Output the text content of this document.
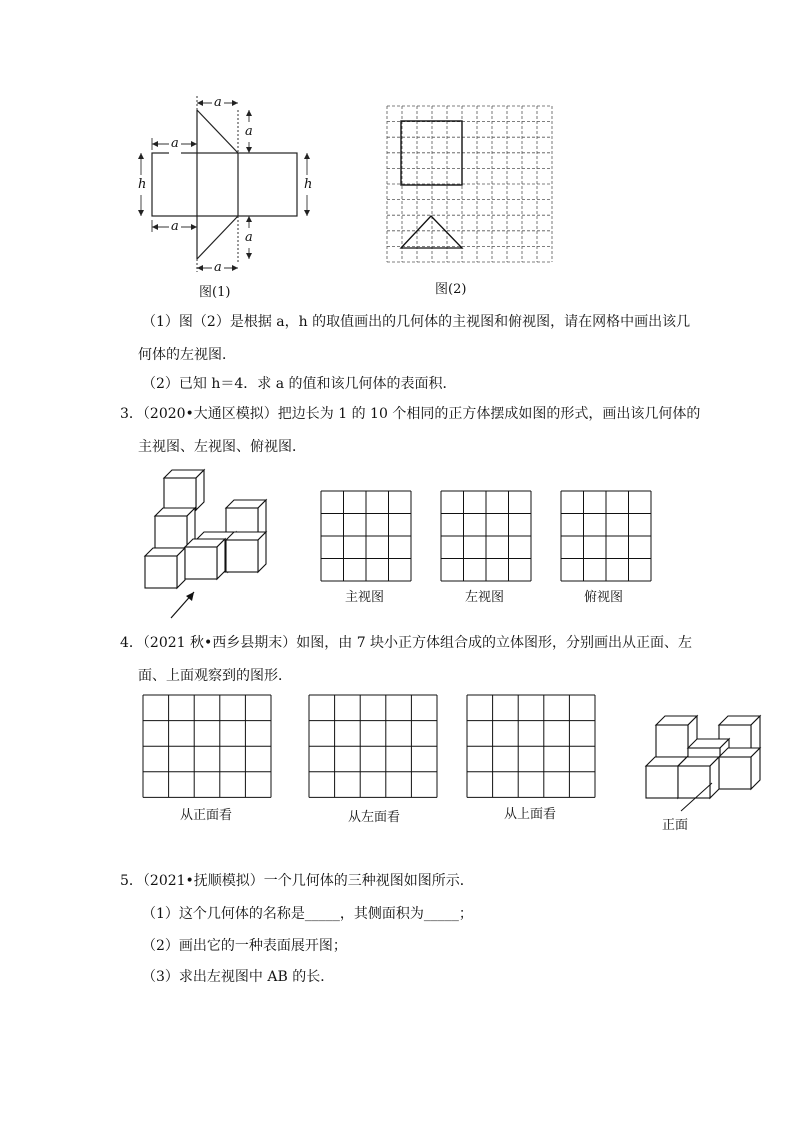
a
a
a
h	h
a
a
a
图(1)	图(2)
（1）图（2）是根据 a，h 的取值画出的几何体的主视图和俯视图，请在网格中画出该几
何体的左视图．
（2）已知 h＝4．求 a 的值和该几何体的表面积．
3．（2020•大通区模拟）把边长为 1 的 10 个相同的正方体摆成如图的形式，画出该几何体的
主视图、左视图、俯视图．
主视图	左视图	俯视图
4．（2021 秋•西乡县期末）如图，由 7 块小正方体组合成的立体图形，分别画出从正面、左
面、上面观察到的图形．
从正面看	从左面看	从上面看
正面
5．（2021•抚顺模拟）一个几何体的三种视图如图所示．
（1）这个几何体的名称是_____，其侧面积为_____；
（2）画出它的一种表面展开图；
（3）求出左视图中 AB 的长．
